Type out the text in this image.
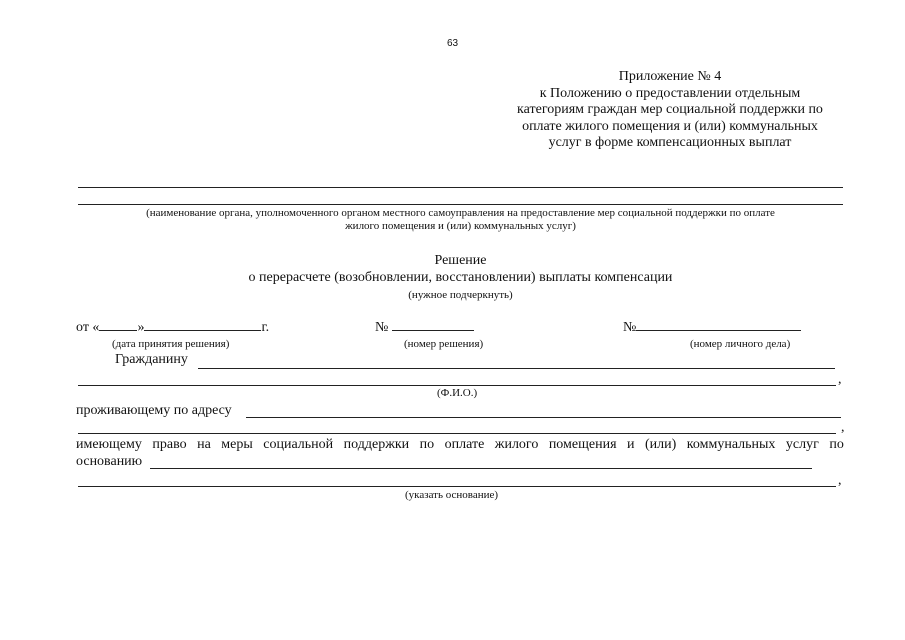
63
Приложение № 4
к Положению о предоставлении отдельным
категориям граждан мер социальной поддержки по
оплате жилого помещения и (или) коммунальных
услуг в форме компенсационных выплат
(наименование органа, уполномоченного органом местного самоуправления на предоставление мер социальной поддержки по оплате
жилого помещения и (или) коммунальных услуг)
Решение
о перерасчете (возобновлении, восстановлении) выплаты компенсации
(нужное подчеркнуть)
от «	»	г.	№	№
(дата принятия решения)	(номер решения)	(номер личного дела)
Гражданину
,
(Ф.И.О.)
проживающему по адресу
,
имеющему право на меры социальной поддержки по оплате жилого помещения и (или) коммунальных услуг по
основанию
,
(указать основание)
